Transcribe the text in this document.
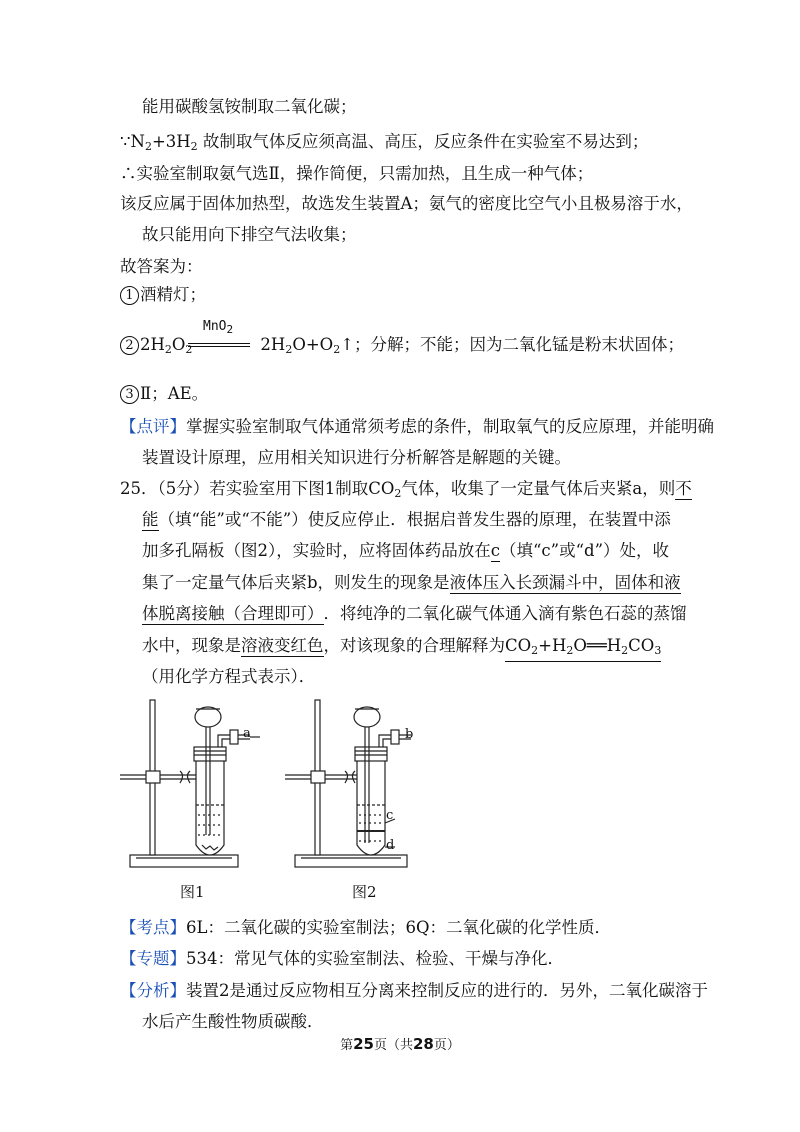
能用碳酸氢铵制取二氧化碳；
$\because N_2+3H_2$ 故制取气体反应须高温、高压，反应条件在实验室不易达到；
∴实验室制取氨气选Ⅱ，操作简便，只需加热，且生成一种气体；
该反应属于固体加热型，故选发生装置A；氨气的密度比空气小且极易溶于水，
故只能用向下排空气法收集；
故答案为：
1 酒精灯；
MnO$_2$
2 $2H_2O_2$	$2H_2O+O_2↑$；分解；不能；因为二氧化锰是粉末状固体；
3 Ⅱ；AE。
【点评】掌握实验室制取气体通常须考虑的条件，制取氧气的反应原理，并能明确
装置设计原理，应用相关知识进行分析解答是解题的关键。
25．（5分）若实验室用下图1制取$CO_2$气体，收集了一定量气体后夹紧a，则不
能（填“能”或“不能”）使反应停止．根据启普发生器的原理，在装置中添
加多孔隔板（图2），实验时，应将固体药品放在c（填“c”或“d”）处，收
集了一定量气体后夹紧b，则发生的现象是液体压入长颈漏斗中，固体和液
体脱离接触（合理即可）．将纯净的二氧化碳气体通入滴有紫色石蕊的蒸馏
水中，现象是溶液变红色，对该现象的合理解释为$CO_2+H_2O══H_2CO_3$
（用化学方程式表示）．
a
图1
b
c
d
图2
【考点】6L：二氧化碳的实验室制法；6Q：二氧化碳的化学性质．
【专题】534：常见气体的实验室制法、检验、干燥与净化．
【分析】装置2是通过反应物相互分离来控制反应的进行的．另外，二氧化碳溶于
水后产生酸性物质碳酸．
第25页（共28页）
